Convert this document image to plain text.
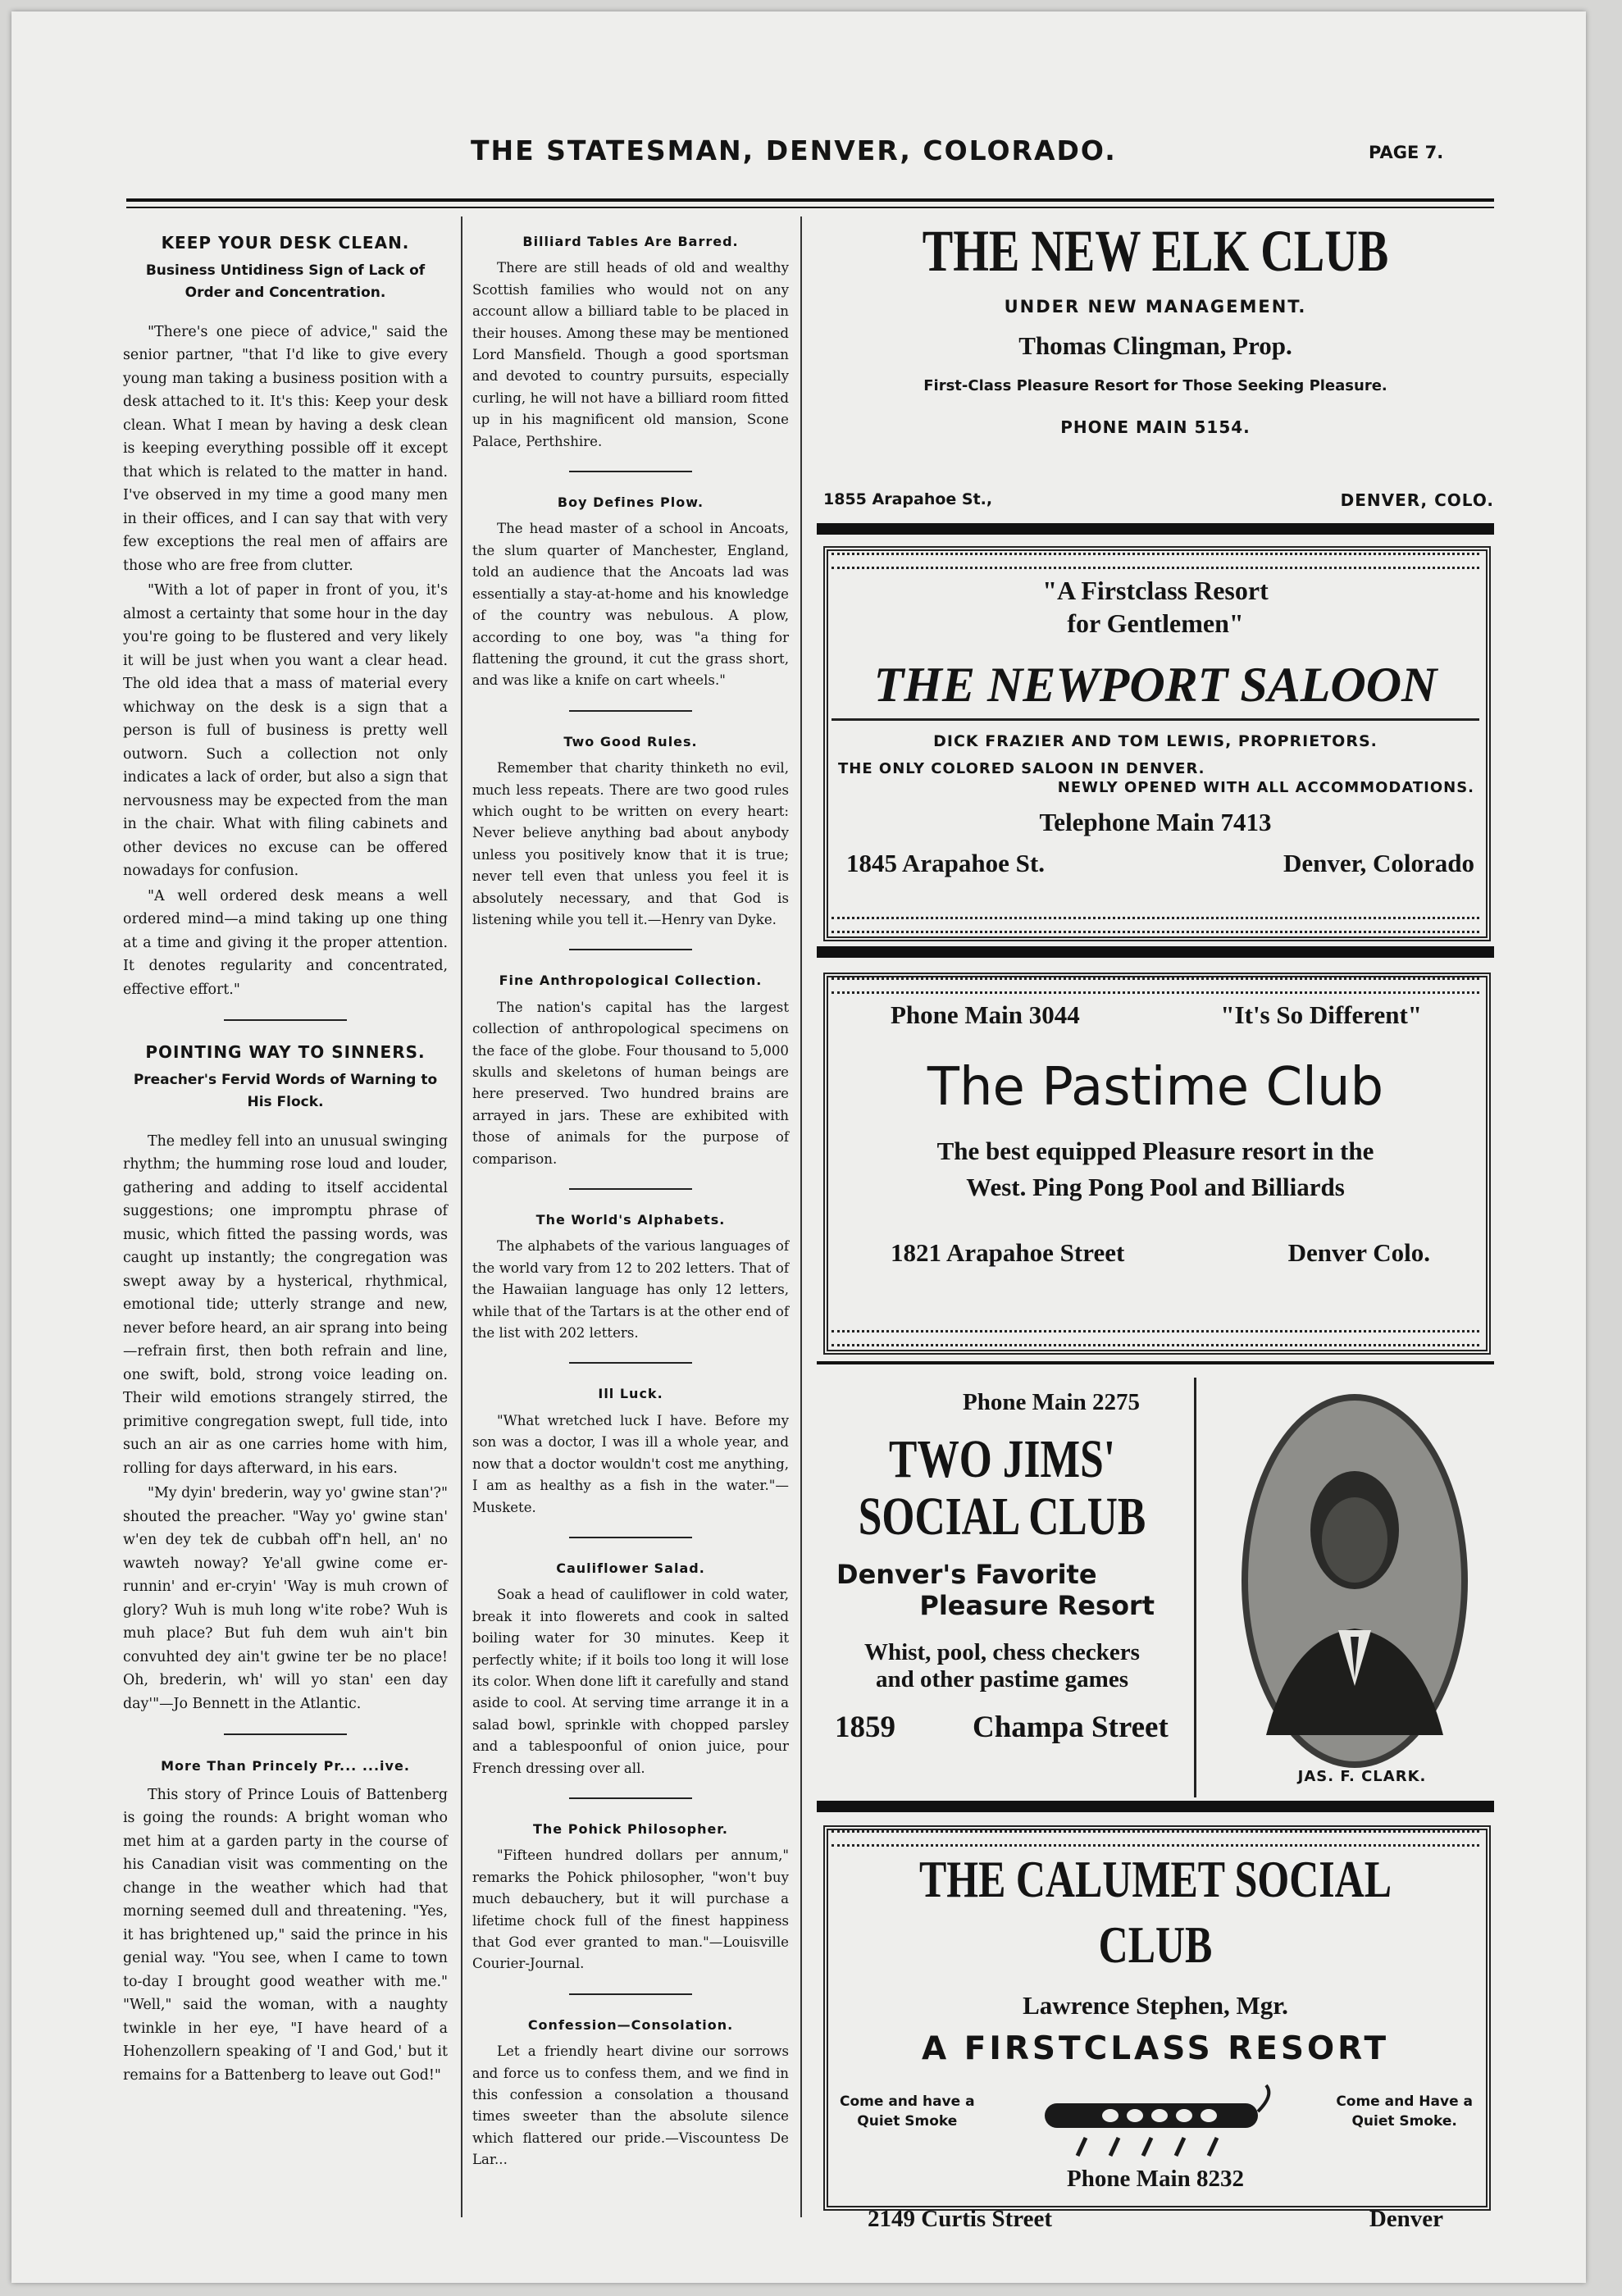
THE STATESMAN, DENVER, COLORADO.	PAGE 7.
KEEP YOUR DESK CLEAN.
Business Untidiness Sign of Lack of Order and Concentration.

"There's one piece of advice," said the senior partner, "that I'd like to give every young man taking a business position with a desk attached to it. It's this: Keep your desk clean. What I mean by having a desk clean is keeping everything possible off it except that which is related to the matter in hand. I've observed in my time a good many men in their offices, and I can say that with very few exceptions the real men of affairs are those who are free from clutter.

"With a lot of paper in front of you, it's almost a certainty that some hour in the day you're going to be flustered and very likely it will be just when you want a clear head. The old idea that a mass of material every whichway on the desk is a sign that a person is full of business is pretty well outworn. Such a collection not only indicates a lack of order, but also a sign that nervousness may be expected from the man in the chair. What with filing cabinets and other devices no excuse can be offered nowadays for confusion.

"A well ordered desk means a well ordered mind—a mind taking up one thing at a time and giving it the proper attention. It denotes regularity and concentrated, effective effort."

POINTING WAY TO SINNERS.
Preacher's Fervid Words of Warning to His Flock.

The medley fell into an unusual swinging rhythm; the humming rose loud and louder, gathering and adding to itself accidental suggestions; one impromptu phrase of music, which fitted the passing words, was caught up instantly; the congregation was swept away by a hysterical, rhythmical, emotional tide; utterly strange and new, never before heard, an air sprang into being—refrain first, then both refrain and line, one swift, bold, strong voice leading on. Their wild emotions strangely stirred, the primitive congregation swept, full tide, into such an air as one carries home with him, rolling for days afterward, in his ears.

"My dyin' brederin, way yo' gwine stan'?" shouted the preacher. "Way yo' gwine stan' w'en dey tek de cubbah off'n hell, an' no wawteh noway? Ye'all gwine come er-runnin' and er-cryin' 'Way is muh crown of glory? Wuh is muh long w'ite robe? Wuh is muh place? But fuh dem wuh ain't bin convuhted dey ain't gwine ter be no place! Oh, brederin, wh' will yo stan' een day day'"—Jo Bennett in the Atlantic.

More Than Princely Pr... ...ive.

This story of Prince Louis of Battenberg is going the rounds: A bright woman who met him at a garden party in the course of his Canadian visit was commenting on the change in the weather which had that morning seemed dull and threatening. "Yes, it has brightened up," said the prince in his genial way. "You see, when I came to town to-day I brought good weather with me." "Well," said the woman, with a naughty twinkle in her eye, "I have heard of a Hohenzollern speaking of 'I and God,' but it remains for a Battenberg to leave out God!"

Billiard Tables Are Barred.

There are still heads of old and wealthy Scottish families who would not on any account allow a billiard table to be placed in their houses. Among these may be mentioned Lord Mansfield. Though a good sportsman and devoted to country pursuits, especially curling, he will not have a billiard room fitted up in his magnificent old mansion, Scone Palace, Perthshire.

Boy Defines Plow.

The head master of a school in Ancoats, the slum quarter of Manchester, England, told an audience that the Ancoats lad was essentially a stay-at-home and his knowledge of the country was nebulous. A plow, according to one boy, was "a thing for flattening the ground, it cut the grass short, and was like a knife on cart wheels."

Two Good Rules.

Remember that charity thinketh no evil, much less repeats. There are two good rules which ought to be written on every heart: Never believe anything bad about anybody unless you positively know that it is true; never tell even that unless you feel it is absolutely necessary, and that God is listening while you tell it.—Henry van Dyke.

Fine Anthropological Collection.

The nation's capital has the largest collection of anthropological specimens on the face of the globe. Four thousand to 5,000 skulls and skeletons of human beings are here preserved. Two hundred brains are arrayed in jars. These are exhibited with those of animals for the purpose of comparison.

The World's Alphabets.

The alphabets of the various languages of the world vary from 12 to 202 letters. That of the Hawaiian language has only 12 letters, while that of the Tartars is at the other end of the list with 202 letters.

Ill Luck.

"What wretched luck I have. Before my son was a doctor, I was ill a whole year, and now that a doctor wouldn't cost me anything, I am as healthy as a fish in the water."—Muskete.

Cauliflower Salad.

Soak a head of cauliflower in cold water, break it into flowerets and cook in salted boiling water for 30 minutes. Keep it perfectly white; if it boils too long it will lose its color. When done lift it carefully and stand aside to cool. At serving time arrange it in a salad bowl, sprinkle with chopped parsley and a tablespoonful of onion juice, pour French dressing over all.

The Pohick Philosopher.

"Fifteen hundred dollars per annum," remarks the Pohick philosopher, "won't buy much debauchery, but it will purchase a lifetime chock full of the finest happiness that God ever granted to man."—Louisville Courier-Journal.

Confession—Consolation.

Let a friendly heart divine our sorrows and force us to confess them, and we find in this confession a consolation a thousand times sweeter than the absolute silence which flattered our pride.—Viscountess De Lar...

THE NEW ELK CLUB
UNDER NEW MANAGEMENT.
Thomas Clingman, Prop.
First-Class Pleasure Resort for Those Seeking Pleasure.
PHONE MAIN 5154.
1855 Arapahoe St.,	DENVER, COLO.
"A Firstclass Resort
for Gentlemen"
THE NEWPORT SALOON
DICK FRAZIER AND TOM LEWIS, PROPRIETORS.
THE ONLY COLORED SALOON IN DENVER.
NEWLY OPENED WITH ALL ACCOMMODATIONS.
Telephone Main 7413
1845 Arapahoe St.	Denver, Colorado
Phone Main 3044	"It's So Different"
The Pastime Club
The best equipped Pleasure resort in the
West. Ping Pong Pool and Billiards
1821 Arapahoe Street	Denver Colo.
Phone Main 2275
TWO JIMS'
SOCIAL CLUB
Denver's Favorite
Pleasure Resort
Whist, pool, chess checkers
and other pastime games
1859	Champa Street
JAS. F. CLARK.
THE CALUMET SOCIAL CLUB
Lawrence Stephen, Mgr.
A FIRSTCLASS RESORT
Come and have a
Quiet Smoke
Come and Have a
Quiet Smoke.
Phone Main 8232
2149 Curtis Street	Denver
